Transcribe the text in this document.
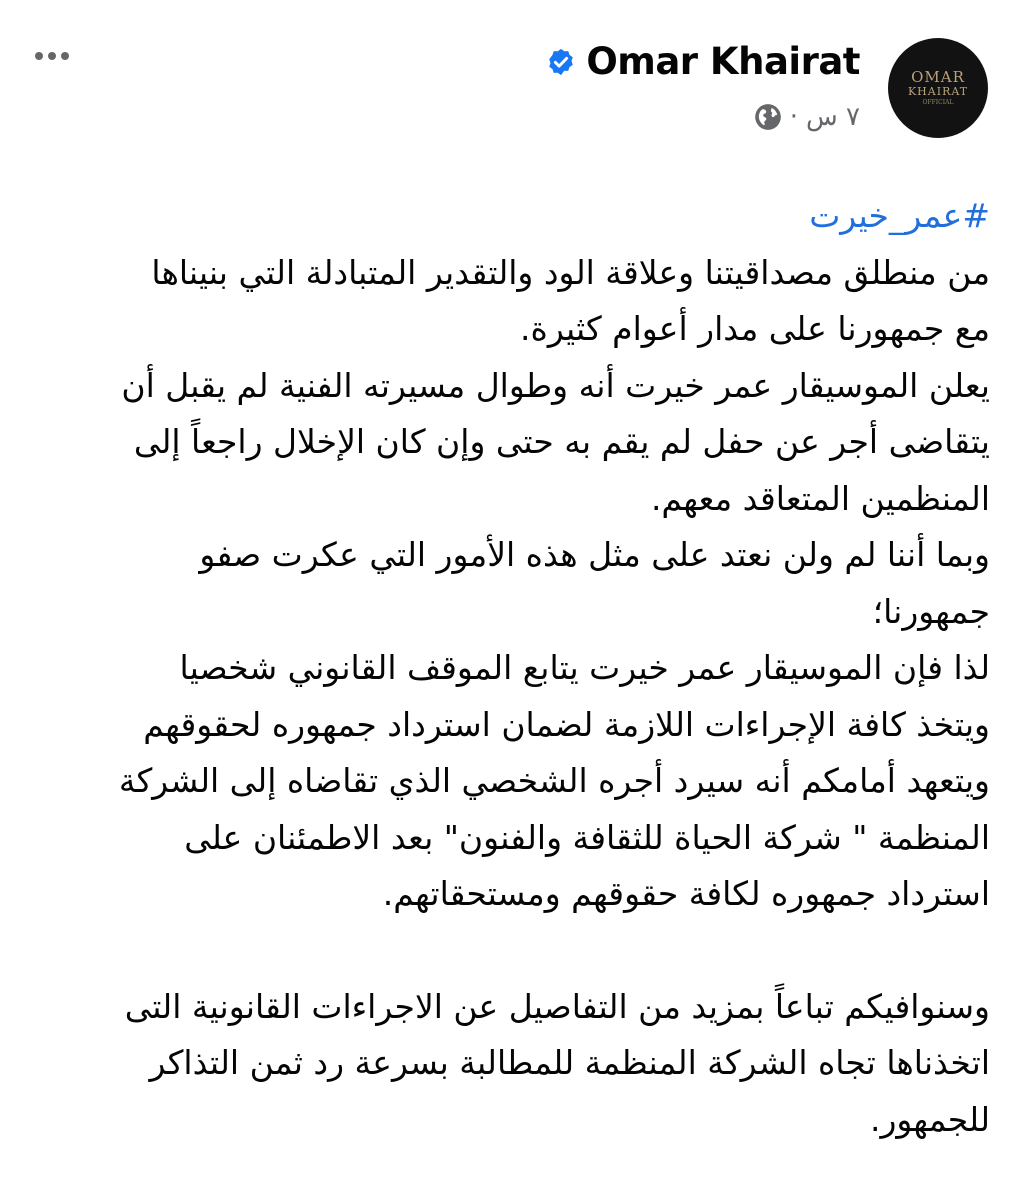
Omar Khairat
· ٧ س
OMAR
KHAIRAT
OFFICIAL
#عمر_خيرت
من منطلق مصداقيتنا وعلاقة الود والتقدير المتبادلة التي بنيناها
مع جمهورنا على مدار أعوام كثيرة.
يعلن الموسيقار عمر خيرت أنه وطوال مسيرته الفنية لم يقبل أن
يتقاضى أجر عن حفل لم يقم به حتى وإن كان الإخلال راجعاً إلى
المنظمين المتعاقد معهم.
وبما أننا لم ولن نعتد على مثل هذه الأمور التي عكرت صفو
جمهورنا؛
لذا فإن الموسيقار عمر خيرت يتابع الموقف القانوني شخصيا
ويتخذ كافة الإجراءات اللازمة لضمان استرداد جمهوره لحقوقهم
ويتعهد أمامكم أنه سيرد أجره الشخصي الذي تقاضاه إلى الشركة
المنظمة " شركة الحياة للثقافة والفنون" بعد الاطمئنان على
استرداد جمهوره لكافة حقوقهم ومستحقاتهم.
وسنوافيكم تباعاً بمزيد من التفاصيل عن الاجراءات القانونية التى
اتخذناها تجاه الشركة المنظمة للمطالبة بسرعة رد ثمن التذاكر
للجمهور.
